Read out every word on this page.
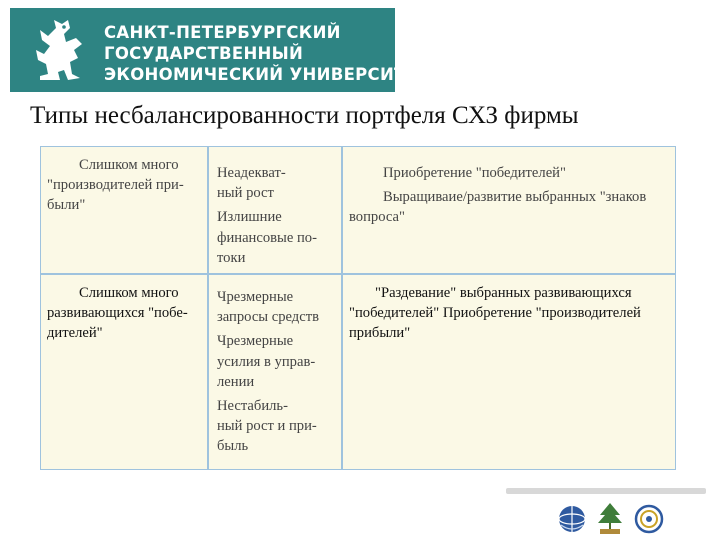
САНКТ-ПЕТЕРБУРГСКИЙ
ГОСУДАРСТВЕННЫЙ
ЭКОНОМИЧЕСКИЙ УНИВЕРСИТЕТ
Типы несбалансированности портфеля СХЗ фирмы
Слишком много
"производителей при-
были"
Неадекват-
ный рост
Излишние
финансовые по-
токи
Приобретение "победителей"
Выращиваие/развитие выбранных "знаков
вопроса"
Слишком много
развивающихся "побе-
дителей"
Чрезмерные
запросы средств
Чрезмерные
усилия в управ-
лении
Нестабиль-
ный рост и при-
быль
"Раздевание" выбранных развивающихся
"победителей" Приобретение "производителей
прибыли"
